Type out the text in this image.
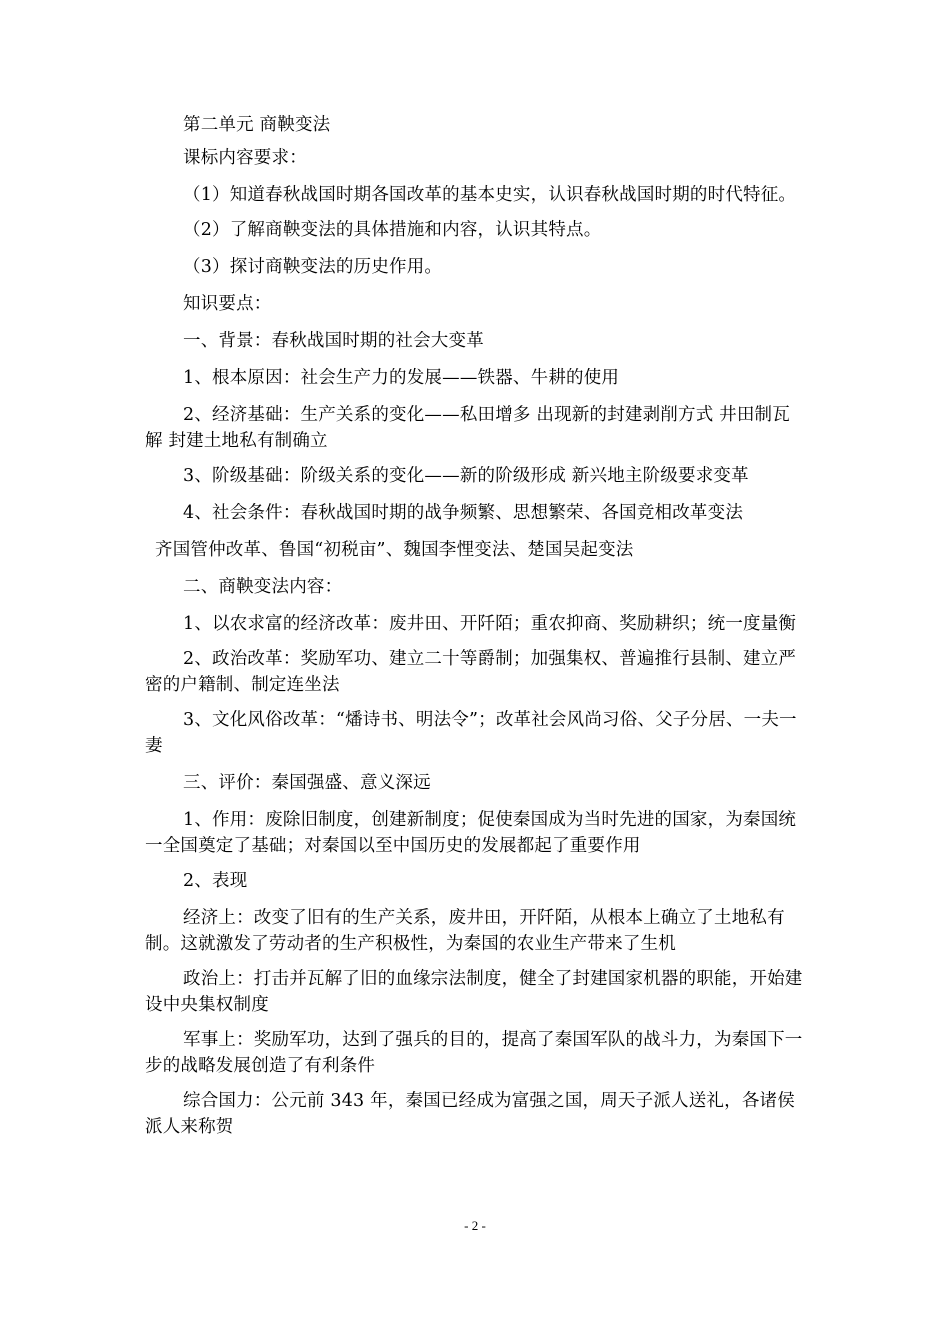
第二单元 商鞅变法

课标内容要求：

（1）知道春秋战国时期各国改革的基本史实，认识春秋战国时期的时代特征。

（2）了解商鞅变法的具体措施和内容，认识其特点。

（3）探讨商鞅变法的历史作用。

知识要点：

一、背景：春秋战国时期的社会大变革

1、根本原因：社会生产力的发展——铁器、牛耕的使用

2、经济基础：生产关系的变化——私田增多 出现新的封建剥削方式 井田制瓦解 封建土地私有制确立

3、阶级基础：阶级关系的变化——新的阶级形成 新兴地主阶级要求变革

4、社会条件：春秋战国时期的战争频繁、思想繁荣、各国竞相改革变法

齐国管仲改革、鲁国“初税亩”、魏国李悝变法、楚国吴起变法

二、商鞅变法内容：

1、以农求富的经济改革：废井田、开阡陌；重农抑商、奖励耕织；统一度量衡

2、政治改革：奖励军功、建立二十等爵制；加强集权、普遍推行县制、建立严密的户籍制、制定连坐法

3、文化风俗改革：“燔诗书、明法令”；改革社会风尚习俗、父子分居、一夫一妻

三、评价：秦国强盛、意义深远

1、作用：废除旧制度，创建新制度；促使秦国成为当时先进的国家，为秦国统一全国奠定了基础；对秦国以至中国历史的发展都起了重要作用

2、表现

经济上：改变了旧有的生产关系，废井田，开阡陌，从根本上确立了土地私有制。这就激发了劳动者的生产积极性，为秦国的农业生产带来了生机

政治上：打击并瓦解了旧的血缘宗法制度，健全了封建国家机器的职能，开始建设中央集权制度

军事上：奖励军功，达到了强兵的目的，提高了秦国军队的战斗力，为秦国下一步的战略发展创造了有利条件

综合国力：公元前 343 年，秦国已经成为富强之国，周天子派人送礼，各诸侯派人来称贺

- 2 -
